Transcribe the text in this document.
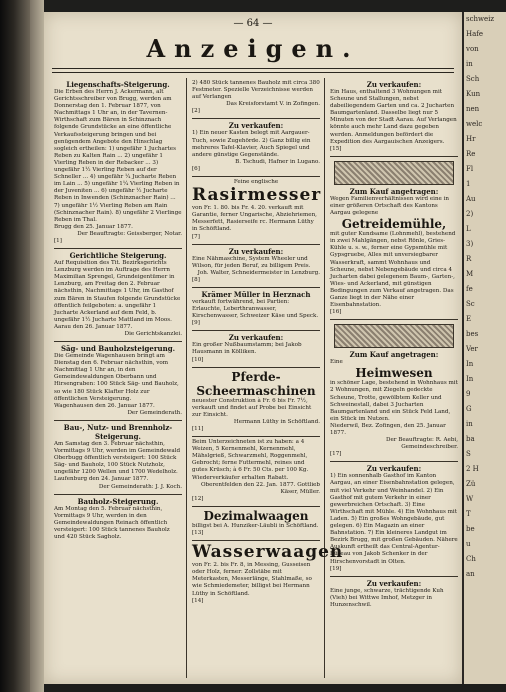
— 64 —
Anzeigen.
Liegenschafts-Steigerung.

Die Erben des Herrn J. Ackermann, alt Gerichtsschreiber von Brugg, werden am Donnerstag den 1. Februar 1877, von Nachmittags 1 Uhr an, in der Tavernen-Wirthschaft zum Bären in Schinznach folgende Grundstücke an eine öffentliche Verkaufssteigerung bringen und bei genügendem Angebote den Hinschlag sogleich ertheilen: 1) ungefähr 1 Juchartes Reben zu Kalten Rain ... 2) ungefähr 1 Vierling Reben in der Rebacker ... 3) ungefähr 1½ Vierling Reben auf der Schneller ... 4) ungefähr ¼ Jucharte Reben im Lain ... 5) ungefähr 1¼ Vierling Reben in der Juveniten ... 6) ungefähr ½ Jucharte Reben in Inwenden (Schinznacher Rain) ... 7) ungefähr 1½ Vierling Reben am Rain (Schinznacher Rain). 8) ungefähr 2 Vierlinge Reben im Thal.

Brugg den 25. Januar 1877.

Der Beauftragte: Geissberger, Notar.
[1]
Gerichtliche Steigerung.

Auf Requisition des Tit. Bezirksgerichts Lenzburg werden im Auftrage des Herrn Maximilian Sprengel, Grundeigentümer in Lenzburg, am Freitag den 2. Februar nächsthin, Nachmittags 1 Uhr, im Gasthof zum Bären in Staufen folgende Grundstücke öffentlich feilgeboten: a. ungefähr 1 Jucharte Ackerland auf dem Feld, b. ungefähr 1½ Jucharte Mattland im Moos.

Aarau den 26. Januar 1877.

Die Gerichtskanzlei.
Säg- und Bauholzsteigerung.

Die Gemeinde Wagenhausen bringt am Dienstag den 6. Februar nächsthin, vom Nachmittag 1 Uhr an, in den Gemeindewaldungen Oberbann und Hirsengraben: 100 Stück Säg- und Bauholz, so wie 180 Stück Klafter Holz zur öffentlichen Versteigerung.

Wagenhausen den 26. Januar 1877.

Der Gemeinderath.
Bau-, Nutz- und Brennholz-Steigerung.

Am Samstag den 3. Februar nächsthin, Vormittags 9 Uhr, werden im Gemeindewald Oberbugg öffentlich versteigert: 100 Stück Säg- und Bauholz, 100 Stück Nutzholz, ungefähr 1200 Wellen und 1700 Wedelholz.

Laufenburg den 24. Januar 1877.

Der Gemeinderath: J. J. Koch.
Bauholz-Steigerung.

Am Montag den 5. Februar nächsthin, Vormittags 9 Uhr, werden in den Gemeindewaldungen Reinach öffentlich versteigert: 100 Stück tannenes Bauholz und 420 Stück Sagholz.

2) 480 Stück tannenes Bauholz mit circa 380 Festmeter. Spezielle Verzeichnisse werden auf Verlangen

Das Kreisforstamt V. in Zofingen.
[2]
Zu verkaufen:

1) Ein neuer Kasten belegt mit Aargauer-Tuch, sowie Zugehörde. 2) Ganz billig ein mehreres Tafel-Klavier, Auch Spiegel und andere günstige Gegenstände.

B. Tschudi, Hafner in Lugano.
[6]
Feine englische
Rasirmesser

von Fr. 1. 80. bis Fr. 4. 20. verkauft mit Garantie, ferner Ungarische, Abziehriemen, Messerfett, Rasierseife rc. Hermann Lüthy in Schöftland.

[7]
Zu verkaufen:

Eine Nähmaschine, System Wheeler und Wilson, für jeden Beruf, zu billigem Preis.

Joh. Walter, Schneidermeister in Lenzburg.
[8]
Krämer Müller in Herznach

verkauft fortwährend, bei Partien: Erlauchte, Leberthranwasser, Kirschenwasser, Schweizer Käse und Speck.

[9]
Zu verkaufen:

Ein großer Nußbaumstamm; bei Jakob Hausmann in Kölliken.

[10]
Pferde-Scheermaschinen

neuester Construktion à Fr. 6 bis Fr. 7½, verkauft und findet auf Probe bei Einsicht zur Einsicht.

Hermann Lüthy in Schöftland.
[11]

Beim Unterzeichneten ist zu haben: a 4 Weizen, 5 Kernenmehl, Kernenmehl, Mähslgrieß, Schwarzmehl, Roggenmehl, Gebrocht; ferne Futtermehl, reines und gutes Krüsch; à 6 Fr. 50 Cts. per 100 Kg. Wiederverkäufer erhalten Rabatt.

Oberentfelden den 22. Jan. 1877. Gottlieb Käser, Müller.
[12]
Dezimalwaagen

billigst bei A. Hunziker-Läubli in Schöftland.

[13]
Wasserwaagen

von Fr. 2. bis Fr. 8, in Messing, Gusseisen oder Holz, ferner: Zollstäbe mit Meterkasten, Messerlänge, Stahlmaße, so wie Schmiedemeter, billigst bei Hermann Lüthy in Schöftland.

[14]
Zu verkaufen:

Ein Haus, enthaltend 3 Wohnungen mit Scheune und Stallungen, nebst dabeiliegendem Garten und ca. 2 Jucharten Baumgartenland. Dasselbe liegt nur 5 Minuten von der Stadt Aarau. Auf Verlangen könnte auch mehr Land dazu gegeben werden. Anmeldungen befördert die Expedition des Aargauischen Anzeigers.

[15]
Zum Kauf angetragen:

Wegen Familienverhältnissen wird eine in einer größeren Ortschaft des Kantons Aargau gelegene

Getreidemühle,

mit guter Kundsame (Lohnmehl), bestehend in zwei Mahlgängen, nebst Rönle, Gries-Kühle u. s. w., ferner eine Gypsmühle mit Gypsgruebe, Alles mit unversiegbarer Wasserkraft, sammt Wohnhaus und Scheune, nebst Nebengebäude und circa 4 Jucharten dabei gelegenem Baum-, Garten-, Wies- und Ackerland, mit günstigen Bedingungen zum Verkauf angetragen. Das Ganze liegt in der Nähe einer Eisenbahnstation.

[16]
Zum Kauf angetragen:
Eine
Heimwesen

in schöner Lage, bestehend in Wohnhaus mit 2 Wohnungen, mit Ziegeln gedeckte Scheune, Trotte, gewölbtem Keller und Schweinestall, dabei 3 Jucharten Baumgartenland und ein Stück Feld Land, ein Stück im Nutzen.

Niederwil, Bez. Zofingen, den 25. Januar 1877.

Der Beauftragte: R. Aebi, Gemeindeschreiber.
[17]
Zu verkaufen:

1) Ein sonnenhalb Gasthof im Kanton Aargau, an einer Eisenbahnstation gelegen, mit viel Verkehr und Weinhandel. 2) Ein Gasthof mit gutem Verkehr in einer gewerbreichen Ortschaft. 3) Eine Wirthschaft mit Mühle. 4) Ein Wohnhaus mit Laden. 5) Ein großes Wohngebäude, gut gelegen. 6) Ein Magazin an einer Bahnstation. 7) Ein kleineres Landgut im Bezirk Brugg, mit großen Gebäuden. Nähere Auskunft ertheilt das Central-Agentur-Büreau von Jakob Schenker in der Hirschenvorstadt in Olten.

[19]
Zu verkaufen:

Eine junge, schwarze, trächtigende Kuh (Vieh) bei Wittwe Imhof, Metzger in Hunzenschwil.

schweiz
Hafe
von
in
Sch
Kun
nen
welc
Hr
Re
Fl
1
Au
2)
L
3)
R
M
fe
Sc
E
bes
Ver
In
In
9
G
in
ba
S
2 H
Zü
W
T
be
u
Ch
an
